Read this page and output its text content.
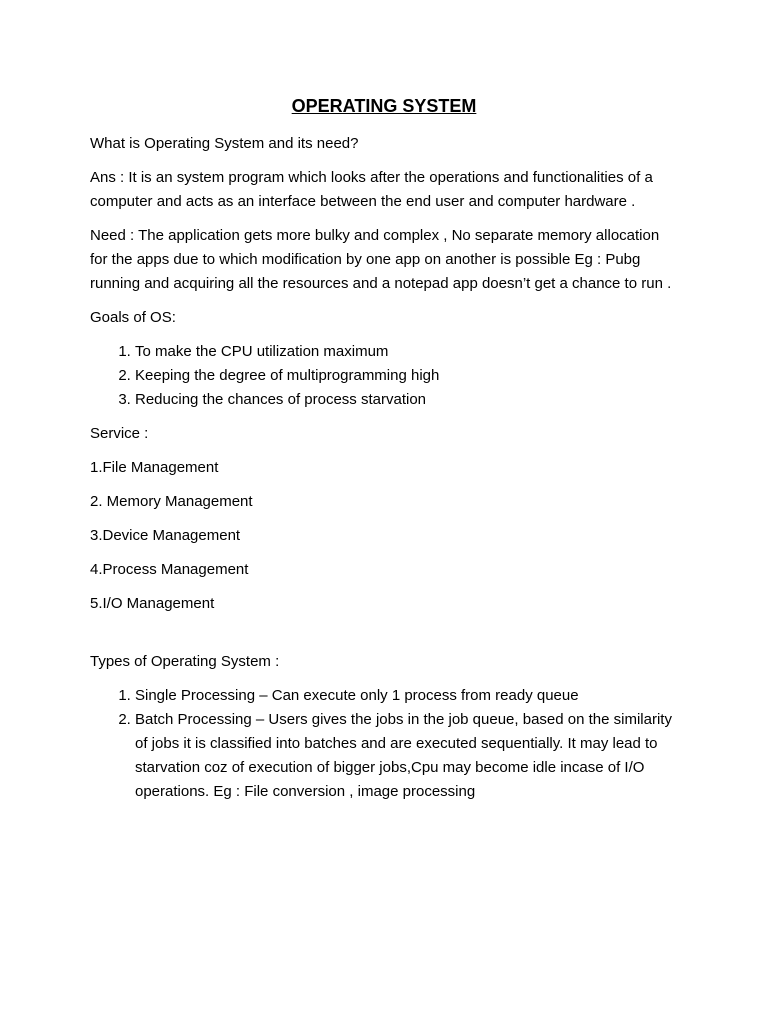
OPERATING SYSTEM

What is Operating System and its need?

Ans : It is an system program which looks after the operations and functionalities of a computer and acts as an interface between the end user and computer hardware .

Need : The application gets more bulky and complex , No separate memory allocation for the apps due to which modification by one app on another is possible Eg : Pubg running and acquiring all the resources and a notepad app doesn’t get a chance to run .

Goals of OS:

1. To make the CPU utilization maximum
2. Keeping the degree of multiprogramming high
3. Reducing the chances of process starvation

Service :

1.File Management

2. Memory Management

3.Device Management

4.Process Management

5.I/O Management

Types of Operating System :

1. Single Processing – Can execute only 1 process from ready queue
2. Batch Processing – Users gives the jobs in the job queue, based on the similarity of jobs it is classified into batches and are executed sequentially. It may lead to starvation coz of execution of bigger jobs,Cpu may become idle incase of I/O operations. Eg : File conversion , image processing
